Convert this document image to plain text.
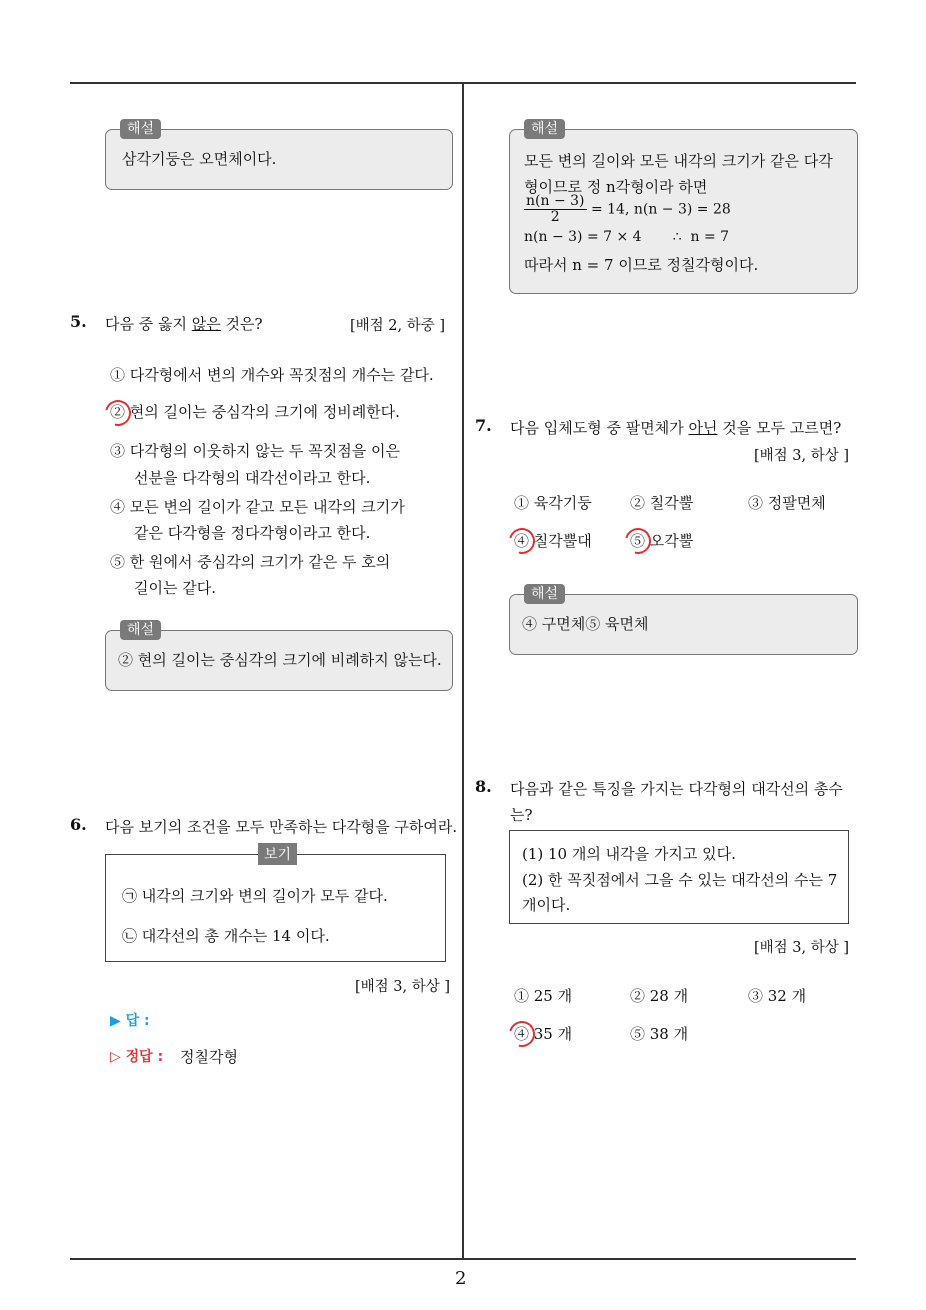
2
해설
삼각기둥은 오면체이다.
5. 다음 중 옳지 않은 것은?	[배점 2, 하중 ]
① 다각형에서 변의 개수와 꼭짓점의 개수는 같다.
② 현의 길이는 중심각의 크기에 정비례한다.
③ 다각형의 이웃하지 않는 두 꼭짓점을 이은
선분을 다각형의 대각선이라고 한다.
④ 모든 변의 길이가 같고 모든 내각의 크기가
같은 다각형을 정다각형이라고 한다.
⑤ 한 원에서 중심각의 크기가 같은 두 호의
길이는 같다.
해설
② 현의 길이는 중심각의 크기에 비례하지 않는다.
6. 다음 보기의 조건을 모두 만족하는 다각형을 구하여라.
보기
㉠ 내각의 크기와 변의 길이가 모두 같다.
㉡ 대각선의 총 개수는 14 이다.
[배점 3, 하상 ]
▶ 답 :
▷ 정답 : 정칠각형
해설
모든 변의 길이와 모든 내각의 크기가 같은 다각
형이므로 정 n각형이라 하면
$\frac{n(n - 3)}{2} = 14$, n(n − 3) = 28
n(n − 3) = 7 × 4       ∴  n = 7
따라서 n = 7 이므로 정칠각형이다.
7. 다음 입체도형 중 팔면체가 아닌 것을 모두 고르면?
[배점 3, 하상 ]
① 육각기둥	② 칠각뿔	③ 정팔면체
④ 칠각뿔대	⑤ 오각뿔
해설
④ 구면체⑤ 육면체
8. 다음과 같은 특징을 가지는 다각형의 대각선의 총수
는?
(1) 10 개의 내각을 가지고 있다.
(2) 한 꼭짓점에서 그을 수 있는 대각선의 수는 7
개이다.
[배점 3, 하상 ]
① 25 개	② 28 개	③ 32 개
④ 35 개	⑤ 38 개
